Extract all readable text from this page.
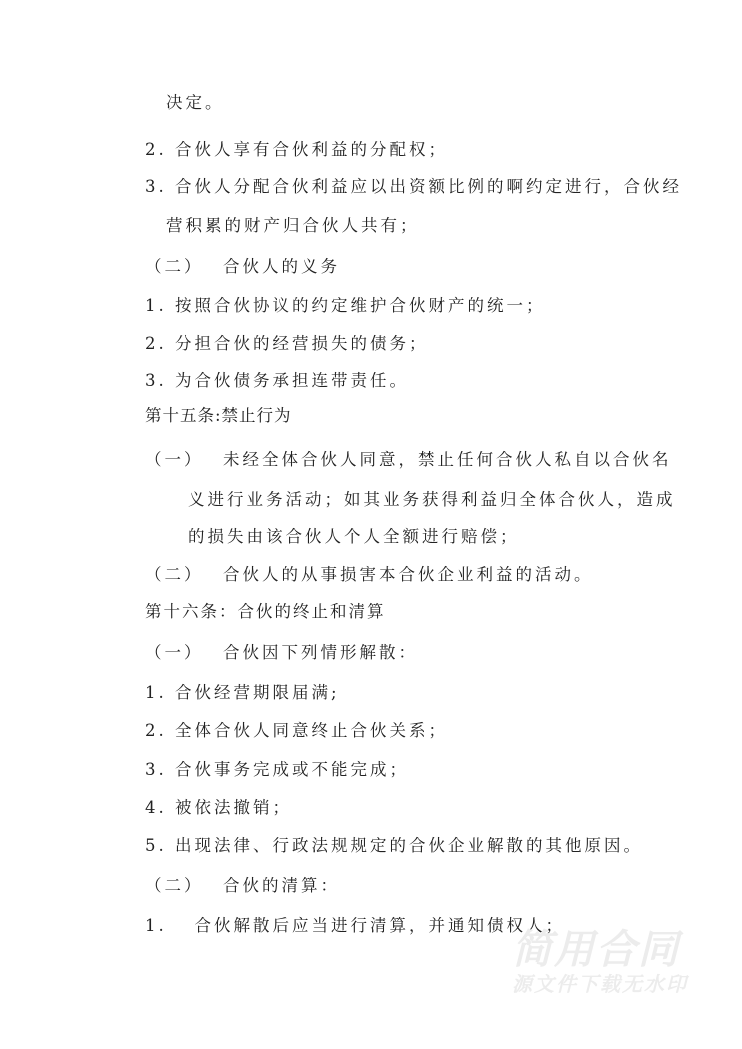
决定。
2. 合伙人享有合伙利益的分配权；
3. 合伙人分配合伙利益应以出资额比例的啊约定进行，合伙经
营积累的财产归合伙人共有；
（二）　 合伙人的义务
1. 按照合伙协议的约定维护合伙财产的统一；
2. 分担合伙的经营损失的债务；
3. 为合伙债务承担连带责任。
第十五条:禁止行为
（一）　 未经全体合伙人同意，禁止任何合伙人私自以合伙名
义进行业务活动；如其业务获得利益归全体合伙人，造成
的损失由该合伙人个人全额进行赔偿；
（二）　 合伙人的从事损害本合伙企业利益的活动。
第十六条：合伙的终止和清算
（一）　 合伙因下列情形解散：
1. 合伙经营期限届满;
2. 全体合伙人同意终止合伙关系；
3. 合伙事务完成或不能完成；
4. 被依法撤销；
5. 出现法律、行政法规规定的合伙企业解散的其他原因。
（二）　 合伙的清算：
1.　 合伙解散后应当进行清算，并通知债权人；
简用合同
源文件下载无水印
